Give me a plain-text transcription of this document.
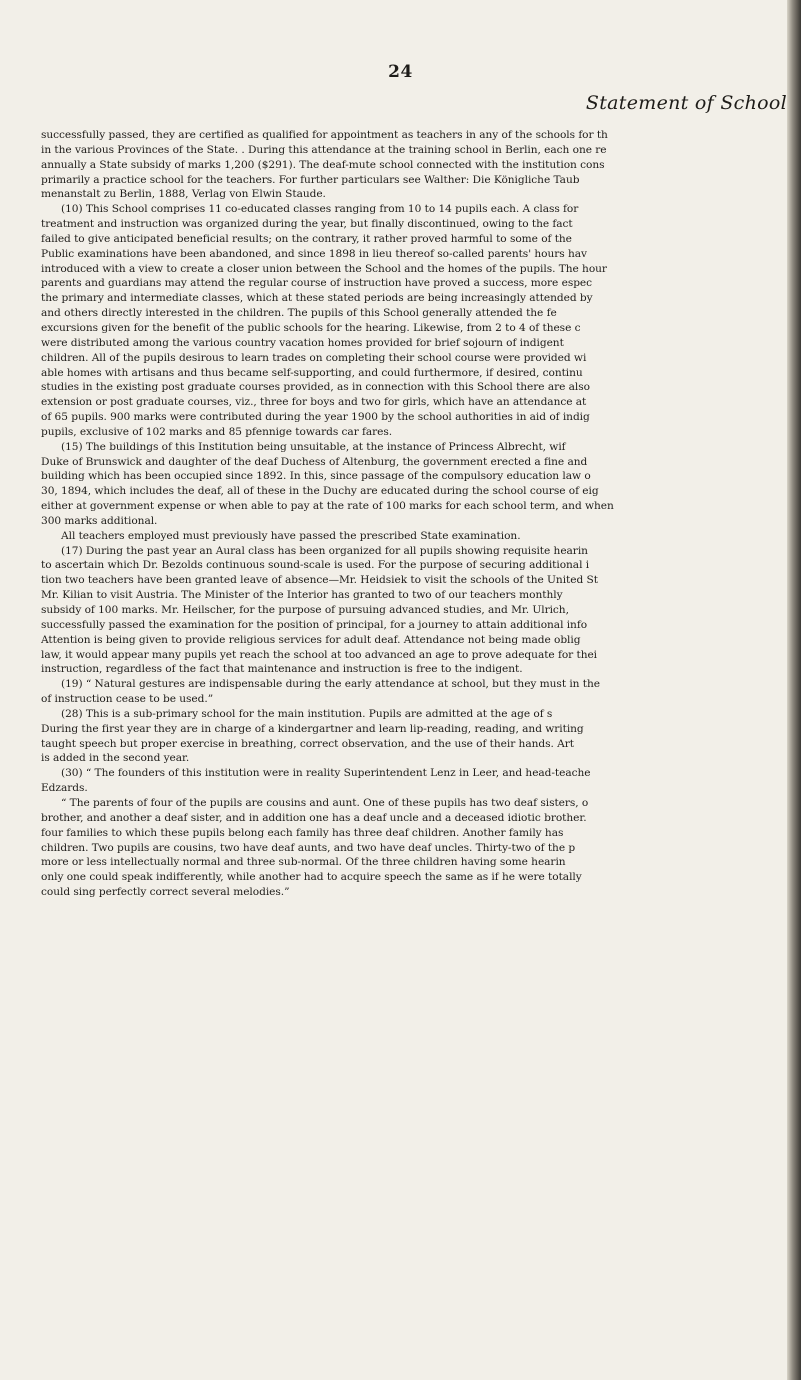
24
Statement of School
successfully passed, they are certified as qualified for appointment as teachers in any of the schools for th
in the various Provinces of the State. . During this attendance at the training school in Berlin, each one re
annually a State subsidy of marks 1,200 ($291). The deaf-mute school connected with the institution cons
primarily a practice school for the teachers. For further particulars see Walther: Die Königliche Taub
menanstalt zu Berlin, 1888, Verlag von Elwin Staude.
(10) This School comprises 11 co-educated classes ranging from 10 to 14 pupils each. A class for
treatment and instruction was organized during the year, but finally discontinued, owing to the fact
failed to give anticipated beneficial results; on the contrary, it rather proved harmful to some of the
Public examinations have been abandoned, and since 1898 in lieu thereof so-called parents' hours hav
introduced with a view to create a closer union between the School and the homes of the pupils. The hour
parents and guardians may attend the regular course of instruction have proved a success, more espec
the primary and intermediate classes, which at these stated periods are being increasingly attended by
and others directly interested in the children. The pupils of this School generally attended the fe
excursions given for the benefit of the public schools for the hearing. Likewise, from 2 to 4 of these c
were distributed among the various country vacation homes provided for brief sojourn of indigent
children. All of the pupils desirous to learn trades on completing their school course were provided wi
able homes with artisans and thus became self-supporting, and could furthermore, if desired, continu
studies in the existing post graduate courses provided, as in connection with this School there are also
extension or post graduate courses, viz., three for boys and two for girls, which have an attendance at
of 65 pupils. 900 marks were contributed during the year 1900 by the school authorities in aid of indig
pupils, exclusive of 102 marks and 85 pfennige towards car fares.
(15) The buildings of this Institution being unsuitable, at the instance of Princess Albrecht, wif
Duke of Brunswick and daughter of the deaf Duchess of Altenburg, the government erected a fine and
building which has been occupied since 1892. In this, since passage of the compulsory education law o
30, 1894, which includes the deaf, all of these in the Duchy are educated during the school course of eig
either at government expense or when able to pay at the rate of 100 marks for each school term, and when
300 marks additional.
All teachers employed must previously have passed the prescribed State examination.
(17) During the past year an Aural class has been organized for all pupils showing requisite hearin
to ascertain which Dr. Bezolds continuous sound-scale is used. For the purpose of securing additional i
tion two teachers have been granted leave of absence—Mr. Heidsiek to visit the schools of the United St
Mr. Kilian to visit Austria. The Minister of the Interior has granted to two of our teachers monthly
subsidy of 100 marks. Mr. Heilscher, for the purpose of pursuing advanced studies, and Mr. Ulrich,
successfully passed the examination for the position of principal, for a journey to attain additional info
Attention is being given to provide religious services for adult deaf. Attendance not being made oblig
law, it would appear many pupils yet reach the school at too advanced an age to prove adequate for thei
instruction, regardless of the fact that maintenance and instruction is free to the indigent.
(19) “ Natural gestures are indispensable during the early attendance at school, but they must in the
of instruction cease to be used.”
(28) This is a sub-primary school for the main institution. Pupils are admitted at the age of s
During the first year they are in charge of a kindergartner and learn lip-reading, reading, and writing
taught speech but proper exercise in breathing, correct observation, and the use of their hands. Art
is added in the second year.
(30) “ The founders of this institution were in reality Superintendent Lenz in Leer, and head-teache
Edzards.
“ The parents of four of the pupils are cousins and aunt. One of these pupils has two deaf sisters, o
brother, and another a deaf sister, and in addition one has a deaf uncle and a deceased idiotic brother.
four families to which these pupils belong each family has three deaf children. Another family has
children. Two pupils are cousins, two have deaf aunts, and two have deaf uncles. Thirty-two of the p
more or less intellectually normal and three sub-normal. Of the three children having some hearin
only one could speak indifferently, while another had to acquire speech the same as if he were totally
could sing perfectly correct several melodies.”
